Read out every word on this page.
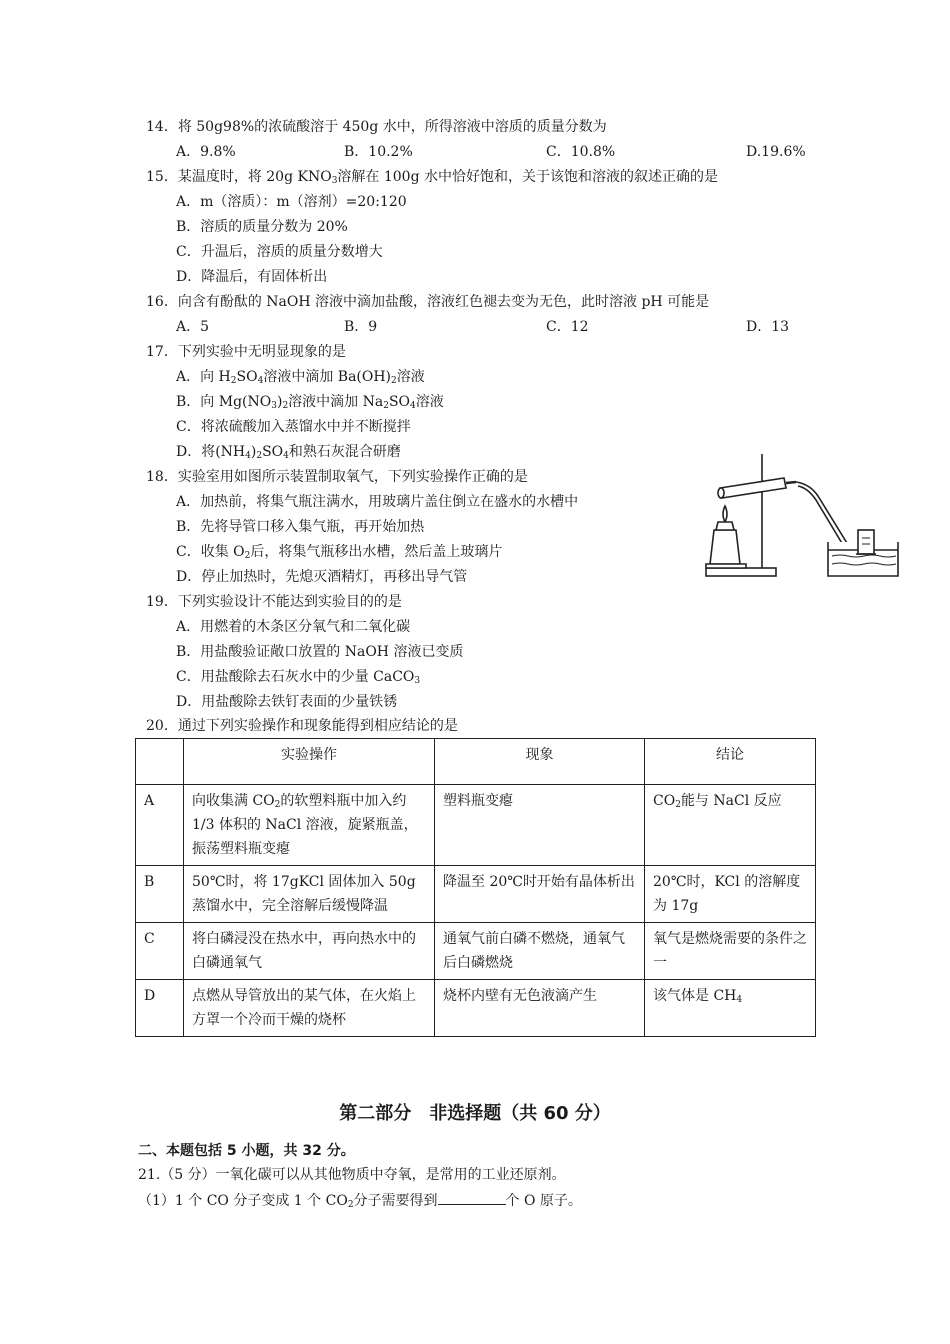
14．将 50g98%的浓硫酸溶于 450g 水中，所得溶液中溶质的质量分数为
A．9.8%	B．10.2%	C．10.8%	D.19.6%
15．某温度时，将 20g $KNO_3$溶解在 100g 水中恰好饱和，关于该饱和溶液的叙述正确的是
A．m（溶质）：m（溶剂）=20:120
B．溶质的质量分数为 20%
C．升温后，溶质的质量分数增大
D．降温后，有固体析出
16．向含有酚酞的 NaOH 溶液中滴加盐酸，溶液红色褪去变为无色，此时溶液 pH 可能是
A．5	B．9	C．12	D．13
17．下列实验中无明显现象的是
A．向 $H_2SO_4$溶液中滴加 $Ba(OH)_2$溶液
B．向 $Mg(NO_3)_2$溶液中滴加 $Na_2SO_4$溶液
C．将浓硫酸加入蒸馏水中并不断搅拌
D．将$(NH_4)_2SO_4$和熟石灰混合研磨
18．实验室用如图所示装置制取氧气，下列实验操作正确的是
A．加热前，将集气瓶注满水，用玻璃片盖住倒立在盛水的水槽中
B．先将导管口移入集气瓶，再开始加热
C．收集 $O_2$后，将集气瓶移出水槽，然后盖上玻璃片
D．停止加热时，先熄灭酒精灯，再移出导气管
19．下列实验设计不能达到实验目的的是
A．用燃着的木条区分氧气和二氧化碳
B．用盐酸验证敞口放置的 NaOH 溶液已变质
C．用盐酸除去石灰水中的少量 CaCO$_3$
D．用盐酸除去铁钉表面的少量铁锈
20．通过下列实验操作和现象能得到相应结论的是
	实验操作	现象	结论
A	向收集满 $CO_2$的软塑料瓶中加入约 1/3 体积的 NaCl 溶液，旋紧瓶盖，振荡塑料瓶变瘪	塑料瓶变瘪	$CO_2$能与 NaCl 反应
B	50℃时，将 17gKCl 固体加入 50g 蒸馏水中，完全溶解后缓慢降温	降温至 20℃时开始有晶体析出	20℃时，KCl 的溶解度为 17g
C	将白磷浸没在热水中，再向热水中的白磷通氧气	通氧气前白磷不燃烧，通氧气后白磷燃烧	氧气是燃烧需要的条件之一
D	点燃从导管放出的某气体，在火焰上方罩一个冷而干燥的烧杯	烧杯内壁有无色液滴产生	该气体是 $CH_4$
第二部分　非选择题（共 60 分）
二、本题包括 5 小题，共 32 分。
21.（5 分）一氧化碳可以从其他物质中夺氧，是常用的工业还原剂。
（1）1 个 CO 分子变成 1 个 $CO_2$分子需要得到	个 O 原子。
